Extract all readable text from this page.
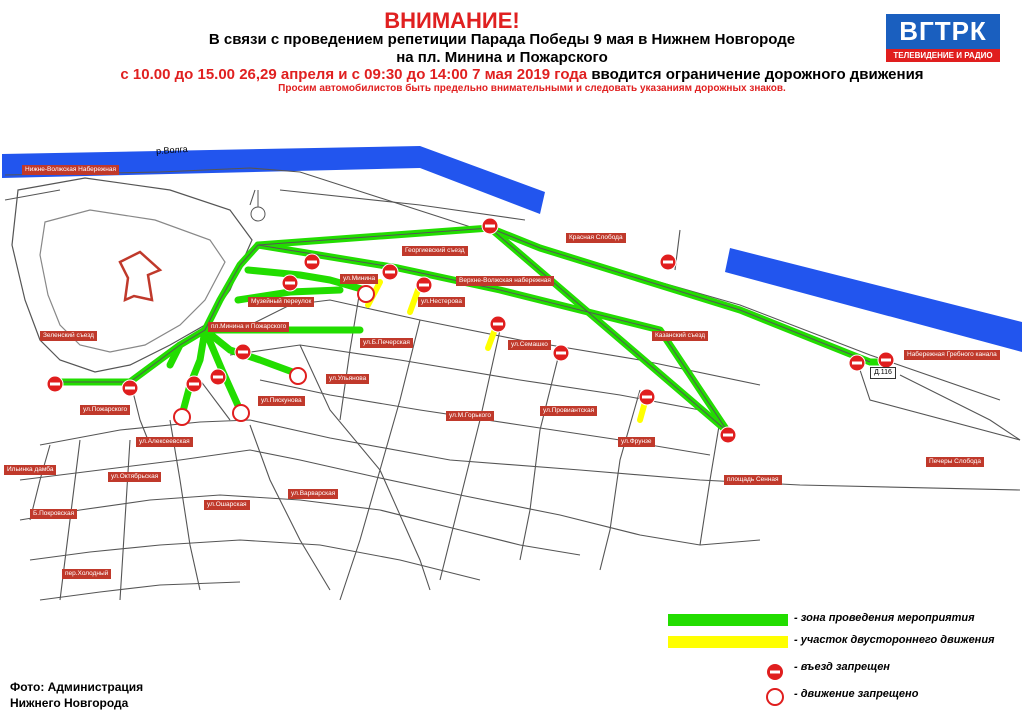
р.Волга
Д.116
Нижне-Волжская Набережная
Георгиевский съезд
Красная Слобода
ул.Минина	Верхне-Волжская набережная
Музейный переулок	ул.Нестерова
Зеленский съезд
пл.Минина и Пожарского
ул.Б.Печерская	ул.Семашко
Казанский съезд
Набережная Гребного канала
ул.Ульянова
ул.Пожарского
ул.Пискунова
ул.М.Горького
ул.Провиантская
ул.Алексеевская	ул.Фрунзе
Печеры Слобода
Ильинка дамба
ул.Октябрьская	площадь Сенная
ул.Варварская
ул.Ошарская
Б.Покровская
пер.Холодный
ВНИМАНИЕ!
В связи с проведением репетиции Парада Победы 9 мая в Нижнем Новгороде
на пл. Минина и Пожарского
с 10.00 до 15.00 26,29 апреля и с 09:30 до 14:00 7 мая 2019 года вводится ограничение дорожного движения
Просим автомобилистов быть предельно внимательными и следовать указаниям дорожных знаков.
ВГТРК
ТЕЛЕВИДЕНИЕ И РАДИО
- зона проведения мероприятия
- участок двустороннего движения
- въезд запрещен
- движение запрещено
Фото: Администрация
Нижнего Новгорода
